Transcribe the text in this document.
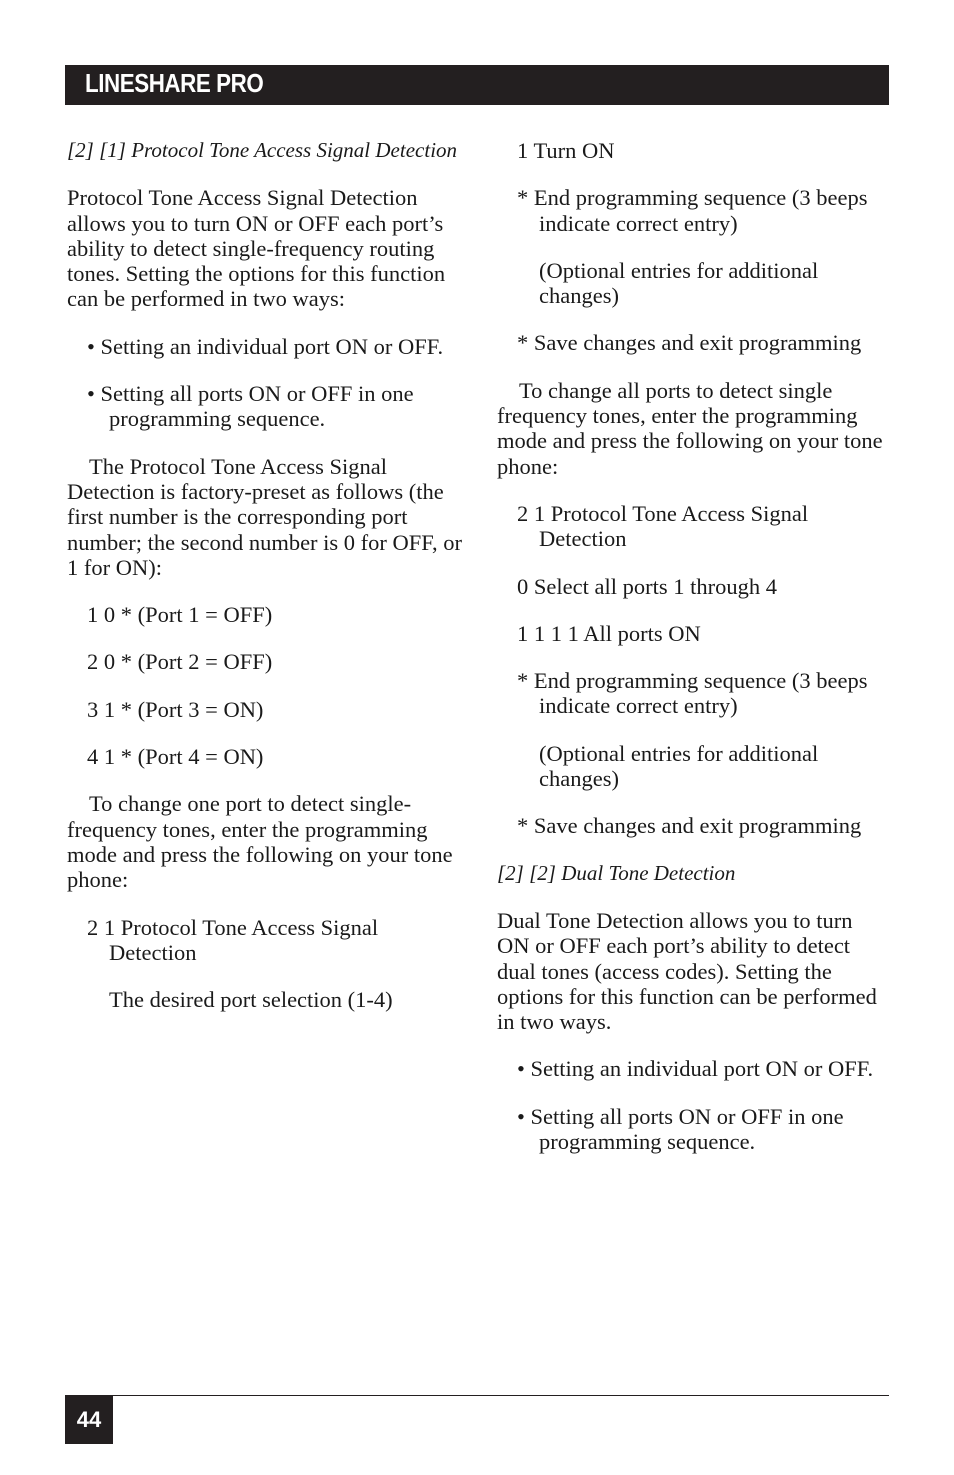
LINESHARE PRO

[2] [1] Protocol Tone Access Signal Detection

Protocol Tone Access Signal Detection allows you to turn ON or OFF each port’s ability to detect single-frequency routing tones. Setting the options for this function can be performed in two ways:

• Setting an individual port ON or OFF.

• Setting all ports ON or OFF in one programming sequence.

The Protocol Tone Access Signal Detection is factory-preset as follows (the first number is the corresponding port number; the second number is 0 for OFF, or 1 for ON):

1 0 * (Port 1 = OFF)

2 0 * (Port 2 = OFF)

3 1 * (Port 3 = ON)

4 1 * (Port 4 = ON)

To change one port to detect single-frequency tones, enter the programming mode and press the following on your tone phone:

2 1 Protocol Tone Access Signal Detection

The desired port selection (1-4)

1 Turn ON

* End programming sequence (3 beeps indicate correct entry)

(Optional entries for additional changes)

* Save changes and exit programming

To change all ports to detect single frequency tones, enter the programming mode and press the following on your tone phone:

2 1 Protocol Tone Access Signal Detection

0 Select all ports 1 through 4

1 1 1 1 All ports ON

* End programming sequence (3 beeps indicate correct entry)

(Optional entries for additional changes)

* Save changes and exit programming

[2] [2] Dual Tone Detection

Dual Tone Detection allows you to turn ON or OFF each port’s ability to detect dual tones (access codes). Setting the options for this function can be performed in two ways.

• Setting an individual port ON or OFF.

• Setting all ports ON or OFF in one programming sequence.

44
